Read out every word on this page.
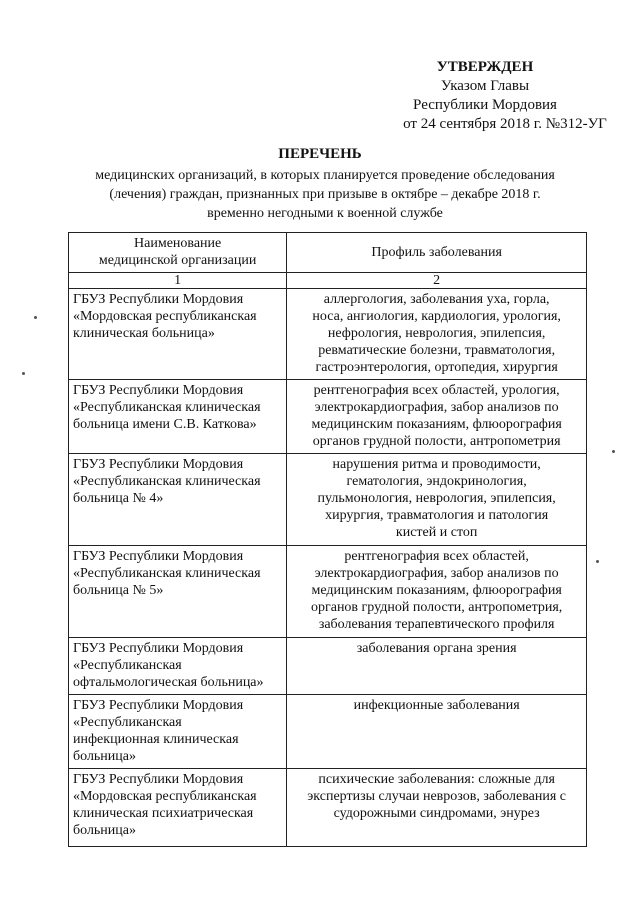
УТВЕРЖДЕН
Указом Главы
Республики Мордовия
от 24 сентября 2018 г. №312-УГ
ПЕРЕЧЕНЬ
медицинских организаций, в которых планируется проведение обследования
(лечения) граждан, признанных при призыве в октябре – декабре 2018 г.
временно негодными к военной службе
Наименование
медицинской организации	Профиль заболевания

1	2

ГБУЗ Республики Мордовия
«Мордовская республиканская
клиническая больница»	аллергология, заболевания уха, горла,
носа, ангиология, кардиология, урология,
нефрология, неврология, эпилепсия,
ревматические болезни, травматология,
гастроэнтерология, ортопедия, хирургия

ГБУЗ Республики Мордовия
«Республиканская клиническая
больница имени С.В. Каткова»	рентгенография всех областей, урология,
электрокардиография, забор анализов по
медицинским показаниям, флюорография
органов грудной полости, антропометрия

ГБУЗ Республики Мордовия
«Республиканская клиническая
больница № 4»	нарушения ритма и проводимости,
гематология, эндокринология,
пульмонология, неврология, эпилепсия,
хирургия, травматология и патология
кистей и стоп

ГБУЗ Республики Мордовия
«Республиканская клиническая
больница № 5»	рентгенография всех областей,
электрокардиография, забор анализов по
медицинским показаниям, флюорография
органов грудной полости, антропометрия,
заболевания терапевтического профиля

ГБУЗ Республики Мордовия
«Республиканская
офтальмологическая больница»	заболевания органа зрения

ГБУЗ Республики Мордовия
«Республиканская
инфекционная клиническая
больница»	инфекционные заболевания

ГБУЗ Республики Мордовия
«Мордовская республиканская
клиническая психиатрическая
больница»	психические заболевания: сложные для
экспертизы случаи неврозов, заболевания с
судорожными синдромами, энурез
